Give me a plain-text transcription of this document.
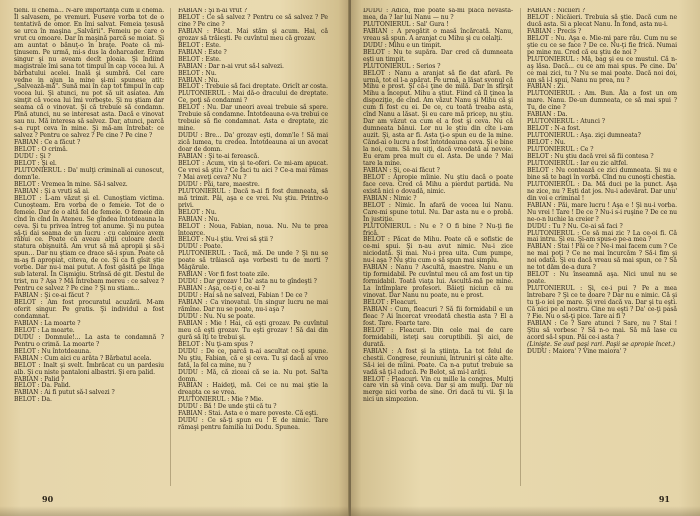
tieni. Il chema... N-are importanţă cum îl chema. Îl salvasem, pe vremuri. Fuseve vorba tot de o tentativă de omor. En îmi salvat. Femeia ţesusă se urca în maşina „Salvării". Femeiu pe care o vrut cu omoare. Dar în maşină parcă se moiat. Şi am auntat o bănuţ-o în braţe. Poate că mi-ţinusem. Pe urmă, mi-s dus la doharcader. Eram singur şi nu aveam decît ploaia. Şi îndiind magistrale îmi sana tot timpul în cap vocea lui. A bărbatului acelei. Inală şi sumbră. Cel care vedne in ajun la mine şi-mi spunese atit: „Salvează-mă". Sună mai în cap tot timpul în cap vocea lui. Şi atunci, nu pot să uit asiatea. Am simţit că vocea lui îmi vorbeşte. Şi nu ştiam dar seama că o vinovat. Şi că trebuie să condamn. Pînă atunci, nu se interesat asta. Dacă e vinovat sau nu. Mă interesa să salvez. Dar, atunci, parcă s-a rupt ceva în mine. Şi mă-am întrebat: ce salvez ? Pentru ce salvez ? Pe cine ? Pe cine ?

FABIAN : Ce a făcut ?

BELOT : O crimă.

DUDU : Şi ?

BELOT : Şi el.

PLUTONIERUL : Da' mulţi criminali ai cunoscut, domn'le.

BELOT : Vremea în mine. Să-l salvez.

FABIAN : Şi a vruti să ai.

BELOT : L-am văzut şi el. Cunoştiam victima. Cunoşteam. Era vorba de o femeie. Tot de o femeie. Dar de o altă fel de femeie. O femeie din cînd în cînd în Ateneu. Se gîndea întotdeauna la ceva. Şi tu privea întreg tot anume. Şi nu putea să-ţi dai seama de un lucru : cu calemice avem răbui ce. Poate că aveau alţii culoare decît statura obişnuită. Am vrut să mă apropii şi să-i spun... Dar nu ştiam ce drace să-i spun. Poate că m-aş fi apropiat, citeva, de ce. Şi ca fi gîsit ştie vorbe. Dar nu-i mai putut. A fost găsită pe lînga sub lateral. În Cişmigiu. Strînsă de git. Destul de trist, nu ? Aşa ? Mă întrebam mereu : ce salvez ? Pentru ce salvez ? Pe cine ? Şi nu stiam...

FABIAN : Şi ce-ai făcut ?

BELOT : Am fost procuratul acuzării. M-am oferit singur. Pe gratis. Şi individul a fost condamnat.

FABIAN : La moarte ?

BELOT : La moarte.

DUDU : Domnule!... La asta te condamnă ? Pentru o crimă. La moarte ?

BELOT : Nu întotdeauna.

FABIAN : Cum aici cu arăta ? Bărbatul acela.

BELOT : Inalt şi svelt. Îmbrăcat cu un pardesiu alb. Şi cu niste pantaloni albastri. Şi era palid.

FABIAN : Palid ?

BELOT : Da. Palid.

FABIAN : Ai fi putut să-l salvezi ?

BELOT : Da.

FABIAN : Şi n-ai vrut ?

BELOT : Ce să salvez ? Pentru ce să salvez ? Pe cine ? Pe cine ?

FABIAN : Păcat. Mai stăm şi acum. Hai, că grozav să trăieşti. Pe cuvîntul meu că grozav.

BELOT : Este.

FABIAN : Este ?

BELOT : Este.

FABIAN : Dar n-ai vrut să-l salvezi.

BELOT : Nu.

FABIAN : Nu.

BELOT : Trebuie să faci dreptate. Oricît ar costa.

PLUTONIERUL : Mai dă-o dracului de dreptate. Ce, poţi să condamni ?

BELOT : Nu. Dar uneori aveai trebuie să spere. Trebuie să condamne. Întotdeauna e-va trebui ce trebuie să fie condamnat. Asta e dreptate, zic mine.

DUDU : Bre... Da' grozav eşti, domn'le ! Să mai zică lumea, tu credea. Întotdeauna ai un avocat doar de domn.

FABIAN : Şi te-ai ferească.

BELOT : Acum, vin şi te-oferi. Ce mi-am apucat. Ce vrei să ştiu ? Ce faci tu aici ? Ce-a mai rămas ? Mai aveţi ceva? Nu ?

DUDU : Păi, tare, maestre.

PLUTONIERUL : Dacă n-ai fi fost dumneata, să mă trimit. Păi, aşa e ce vrei. Nu ştiu. Printre-o privi.

BELOT : Nu.

FABIAN : Nu.

BELOT : Noua, Fabian, noua. Nu. Nu te prea întoarce.

BELOT : Nu-i ştiu. Vrei să ştii ?

DUDU : Poate.

PLUTONIERUL : Tacă, mă. De unde ? Şi nu se poate să trăiască aşa vorbesti tu de morti ? Mâgărule.

FABIAN : Vor fi fost toate zile.

DUDU : Dar grozav ! Da' asta nu te gîndeşti ?

FABIAN : Aşa, ce-ţi e, ce-ai ?

DUDU : Hai să ne salvezi, Fabian ! De ce ?

FABIAN : Ca vinovatul. Un singur lucru ne mai rămîne. Dar nu se poate, nu-i aşa ?

DUDU : Nu. Nu se poate.

FABIAN : Mie ! Hai, că eşti grozav. Pe cuvîntul meu că eşti grozav. Tu eşti grozav ! Să dai din gură să îţi te trebui şi.

BELOT : Nu ţi-am spus ?

DUDU : De ce, parcă n-ai ascultat ce-ţi spune. Nu ştiu, Fabian, că e şi ceva. Tu şi dacă ai vreo fată, la fel ca mine, nu ?

DUDU : Mă, că ziceai că se ia. Nu pot. Sal'ta domn.

FABIAN : Haideţi, mă. Cei ce nu mai ştie la dreapta ce se vrea.

PLUTONIERUL : Mie ? Mie.

DUDU : Bă ! De unde ştii că tu ?

FABIAN : Stai. Asta e o mare poveste. Că eşti.

DUDU : Ce să-ţi spun eu ! E de nimic. Tare rămaşi pentru familia lui Dodu. Spunea.

90

DUDU : Adică, mie poate să-mi placă nevastă-mea, da ? Iar lui Nanu — nu ?

PLUTONIERUL : Sal' Gura !

FABIAN : A pregătit o masă încărcată. Nanu, vreau să spun. A aranjat cu Mihu şi cu celalţi.

DUDU : Mihu e un timpit.

BELOT : Nu te supăra. Dar cred că dumneata eşti un timpit.

PLUTONIERUL : Serios ?

BELOT : Nanu a aranjat să fie dat afară. Pe urmă, tot el l-a apărat. Pe urmă, a lăsat svonul că Mihu e prost. Şi că-i ţine de milă. Dar în sfîrşit Mihu a început. Mihu a ştiut. Fiind că îl ţinea la dispoziţie, de cînd. Am văzut Nanu şi Mihu că şi cum fi fost cu ei. De ce, cu toată treaba asta, cînd Nanu a lăsat. Şi eu care mă pricep, nu ştiu. Dar am văzut ca cum el a fost şi ceva. Nu că dumneata bănui. Lor nu le ştiu din cîte i-am auzit. Şi, asta ar fi. Asta ţi-o spun eu de la mine. Când-ai o lucru a fost întotdeauna ceva. Şi e bine la noi, cum. Să nu uiţi, dacă vreodată ai nevoie. Eu eram prea mult cu el. Asta. De unde ? Mai tare la mine.

FABIAN : Şi, ce-ai făcut ?

BELOT : Apropie mîinie. Nu ştiu dacă o poate face ceva. Cred că Mihu a pierdut partida. Nu există nici o dovadă, nimic.

FABIAN : Nimic ?

BELOT : Nimic. În afară de vocea lui Nanu. Care-mi spune totul. Nu. Dar asta nu e o probă. În justiţie.

PLUTONIERUL : Nu e ? O fi bine ? Nu-ţi fie frică.

BELOT : Păcat de Mihu. Poate că e sofistic de ce-mi spui. Şi n-au avut nimic. Nu-i zice niciodată. Şi mai. Nu-i prea uita. Cum pumpe, nu-i aşa ? Nu ştiu cum o să spun mai simplu.

FABIAN : Nanu ? Ascultă, maestre. Nanu e un tip formidabil. Pe cuvîntul meu că am fost un tip formidabil. Toată viaţa lui. Ascultă-mă pe mine. La întîmplare profesori. Băieţi niciun că nu vinovat. Dar Nanu nu poate, nu e prost.

BELOT : Fleacuri.

FABIAN : Cum, fleacuri ? Să fii formidabil e un fleac ? Ai încercat vreodată chestia asta ? El a fost. Tare. Foarte tare.

BELOT : Fleacuri. Din cele mai de care formidabili, isteţi sau coruptibili. Şi aici, de durată.

FABIAN : A fost şi la ştiinţa. La tot felul de chestii. Congrese, reuniuni, întruniri şi câte alte. Să-i iei de mîini. Poate. Ca n-a putut trebuie sa vadă să ţi-l aducă. Pe Belot, să mi-l arăţi.

BELOT : Fleacuri. Vin cu mille la congres. Mulţi care vin să vină ceva. Dar și am mulţi. Dar nu merge nici vorba de sine. Ori dacă tu vii. Şi la nici un simpozion.

FABIAN : Niciieri ?

BELOT : Nicăieri. Trebuia să ştie. Dacă cum ne ducă asta. Si a plecat Nanu. În fond, asta nu-i.

FABIAN : Precis ?

BELOT : Nu. Aşa e. Mie-mi pare rău. Cum nu se ştie cu ce se face ? De ce. Nu-ţi fie frică. Numai pe mine nu. Cred că eu ştiu de noi ?

PLUTONIERUL : Mă, bag şi eu ce mustul. Că n-aş lăsa. Dacă... cu ce am mai spus. Pe cine. Da' ce mai zici, tu ? Nu se mai poate. Dacă noi doi, am să i-l spui, Nanu nu prea, nu ?

FABIAN : Zi.

PLUTONIERUL : Am. Bun. Ăla a fost un om mare. Nanu. De-un dumneata, ce să mai spui ? Tu, de cine ?

FABIAN : Da.

PLUTONIERUL : Atunci ?

BELOT : N-a fost.

PLUTONIERUL : Aşa. ziçi dumneata?

BELOT : Nu.

PLUTONIERUL : Ce ?

BELOT : Nu ştiu dacă vrei să fii contesa ?

PLUTONIERUL : Iar eu zic altfel.

BELOT : Nu contează ce zici dumneata. Şi nu e bine să te bagi în vorbă. Cînd nu cunoşti chestia.

PLUTONIERUL : Da. Mă duci pe la punct. Aşa ne zice, nu ? Eşti dat jos. Nu-i adevărat. Dar unu' din voi e criminal !

FABIAN : Păi, mare lucru ! Aşa e ! Şi nu-i vorba. Nu vrei ! Tare ! De ce ? Nu-i s-i ruşine ? De ce nu ne-o-n luchie la creier ?

DUDU : Tu ? Nu. Ce-ai să faci ?

PLUTONIERUL : Ce să mai zic ? La ce-oi fi. Că mai intru. Şi eu. Şi-am spus-o pe-a mea ?

FABIAN : Stai ! Păi ce ? Ne-i mai facem cum ? Ce ne mai poţi ? Ce ne mai încurcăm ? Să-i fim şi noi odată. Şi eu dacă vreau să mai spun, ce ? Să ne tot dăm de-a dura ?

BELOT : Nu înseamnă aşa. Nici unul nu se poate.

PLUTONIERUL : Şi, ce-i pui ? Pe a mea întrebare ? Şi ce te doare ? Dar nu e nimic. Că şi tu ţi-o iei pe mare. Şi vrei dacă va. Dar şi tu eşti. Că nici pe al nostru. Cine nu eşti ? Da' ce-ţi pasă ? Fie. Nu o să-ţi pice. Tare ai fi ?

FABIAN : Ce ? Sare atunci ? Sare, nu ? Stai ! Ştiu să vorbesc ? Să n-o mai. Să mă lase cu acord să-l spun. Păi ce-i asta ?

(Linişte. Se aud paşi rari. Paşii se apropie încet.)

DUDU : Maiora' ? Vine maiora' ?

91
